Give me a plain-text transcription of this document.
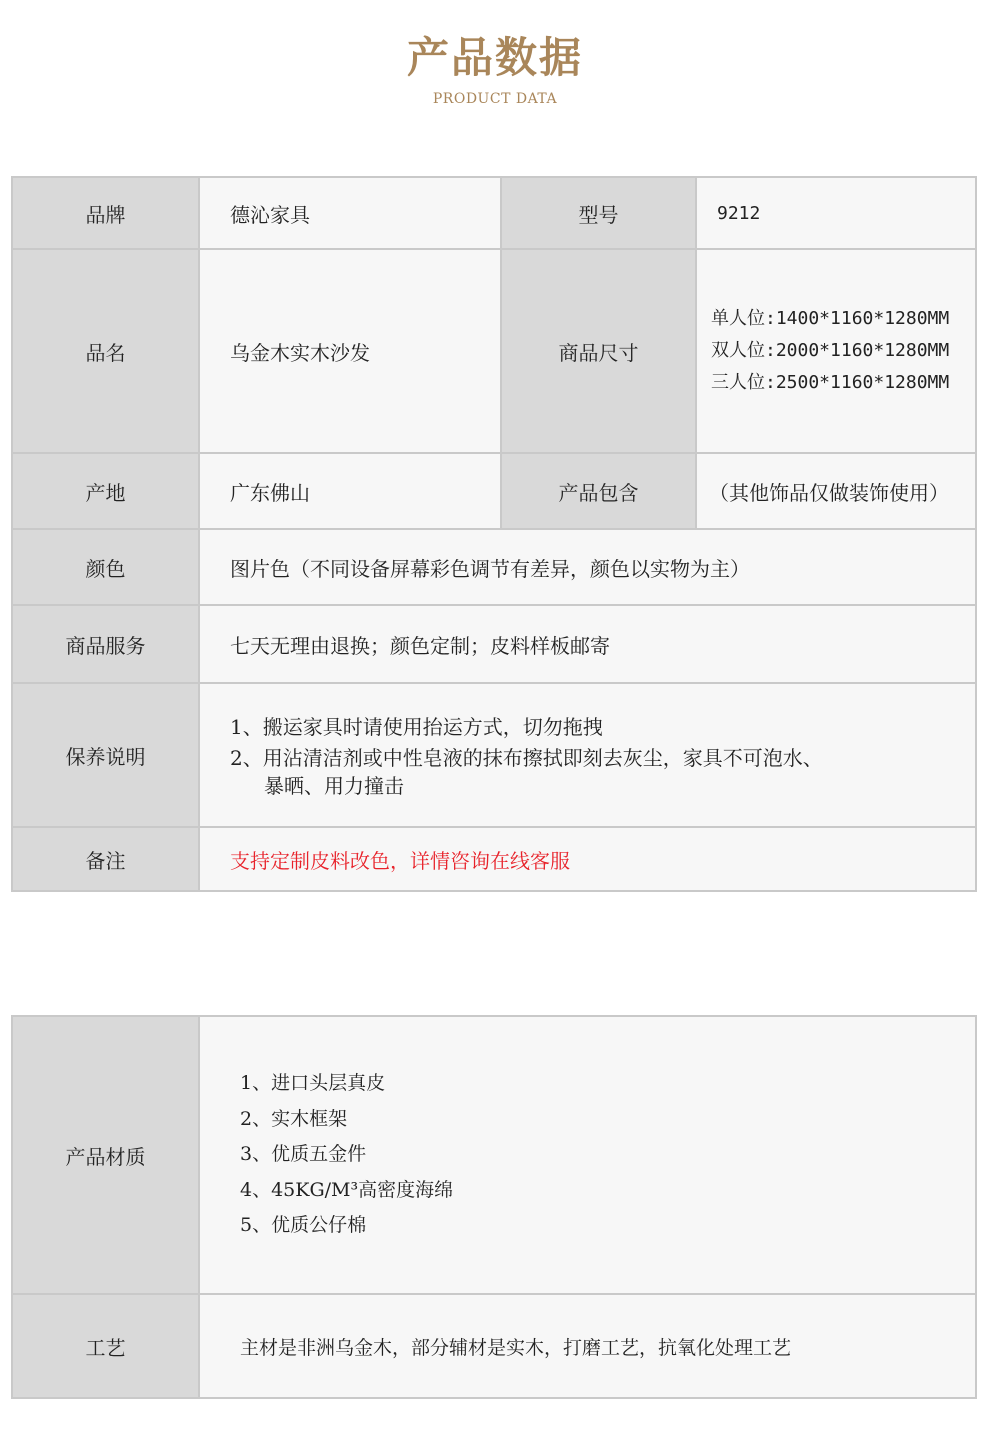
产品数据
PRODUCT DATA
品牌	德沁家具	型号	9212
品名	乌金木实木沙发	商品尺寸
单人位:1400*1160*1280MM
双人位:2000*1160*1280MM
三人位:2500*1160*1280MM
产地	广东佛山	产品包含	（其他饰品仅做装饰使用）
颜色	图片色（不同设备屏幕彩色调节有差异，颜色以实物为主）
商品服务	七天无理由退换；颜色定制；皮料样板邮寄
保养说明
1、搬运家具时请使用抬运方式，切勿拖拽
2、用沾清洁剂或中性皂液的抹布擦拭即刻去灰尘，家具不可泡水、
暴晒、用力撞击
备注	支持定制皮料改色，详情咨询在线客服
产品材质
1、进口头层真皮
2、实木框架
3、优质五金件
4、45KG/M³高密度海绵
5、优质公仔棉
工艺	主材是非洲乌金木，部分辅材是实木，打磨工艺，抗氧化处理工艺
